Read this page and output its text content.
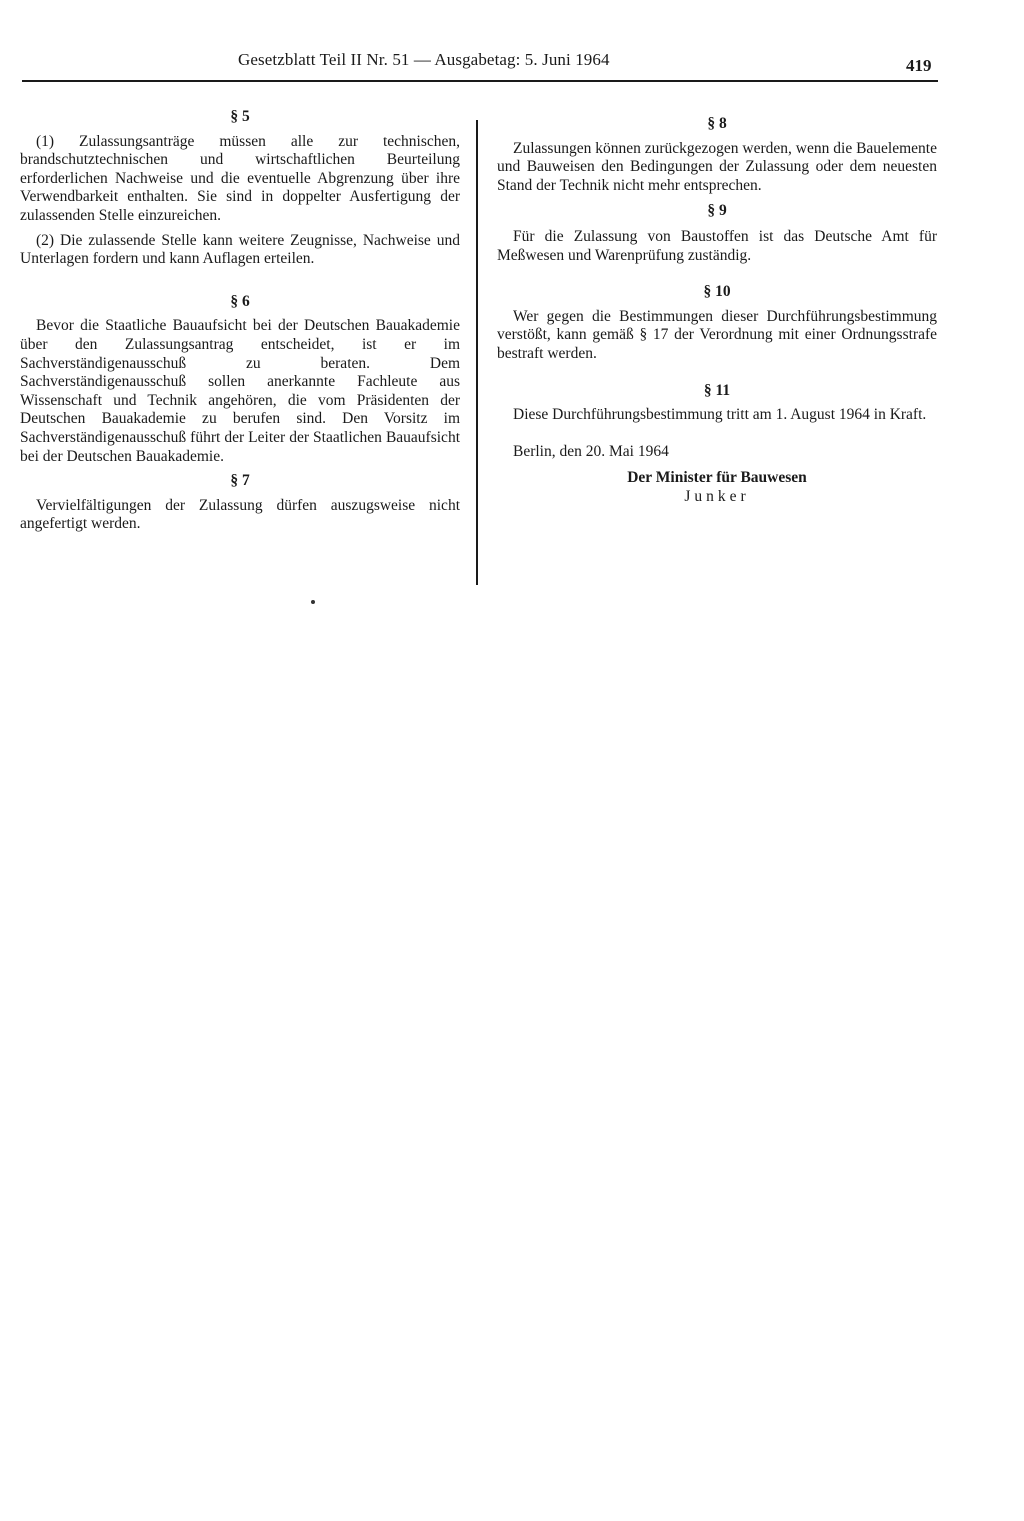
Gesetzblatt Teil II Nr. 51 — Ausgabetag: 5. Juni 1964	419
§ 5

(1) Zulassungsanträge müssen alle zur technischen, brandschutztechnischen und wirtschaftlichen Beurteilung erforderlichen Nachweise und die eventuelle Abgrenzung über ihre Verwendbarkeit enthalten. Sie sind in doppelter Ausfertigung der zulassenden Stelle einzureichen.

(2) Die zulassende Stelle kann weitere Zeugnisse, Nachweise und Unterlagen fordern und kann Auflagen erteilen.

§ 6

Bevor die Staatliche Bauaufsicht bei der Deutschen Bauakademie über den Zulassungsantrag entscheidet, ist er im Sachverständigenausschuß zu beraten. Dem Sachverständigenausschuß sollen anerkannte Fachleute aus Wissenschaft und Technik angehören, die vom Präsidenten der Deutschen Bauakademie zu berufen sind. Den Vorsitz im Sachverständigenausschuß führt der Leiter der Staatlichen Bauaufsicht bei der Deutschen Bauakademie.

§ 7

Vervielfältigungen der Zulassung dürfen auszugsweise nicht angefertigt werden.

§ 8

Zulassungen können zurückgezogen werden, wenn die Bauelemente und Bauweisen den Bedingungen der Zulassung oder dem neuesten Stand der Technik nicht mehr entsprechen.

§ 9

Für die Zulassung von Baustoffen ist das Deutsche Amt für Meßwesen und Warenprüfung zuständig.

§ 10

Wer gegen die Bestimmungen dieser Durchführungsbestimmung verstößt, kann gemäß § 17 der Verordnung mit einer Ordnungsstrafe bestraft werden.

§ 11

Diese Durchführungsbestimmung tritt am 1. August 1964 in Kraft.

Berlin, den 20. Mai 1964

Der Minister für Bauwesen
Junker
